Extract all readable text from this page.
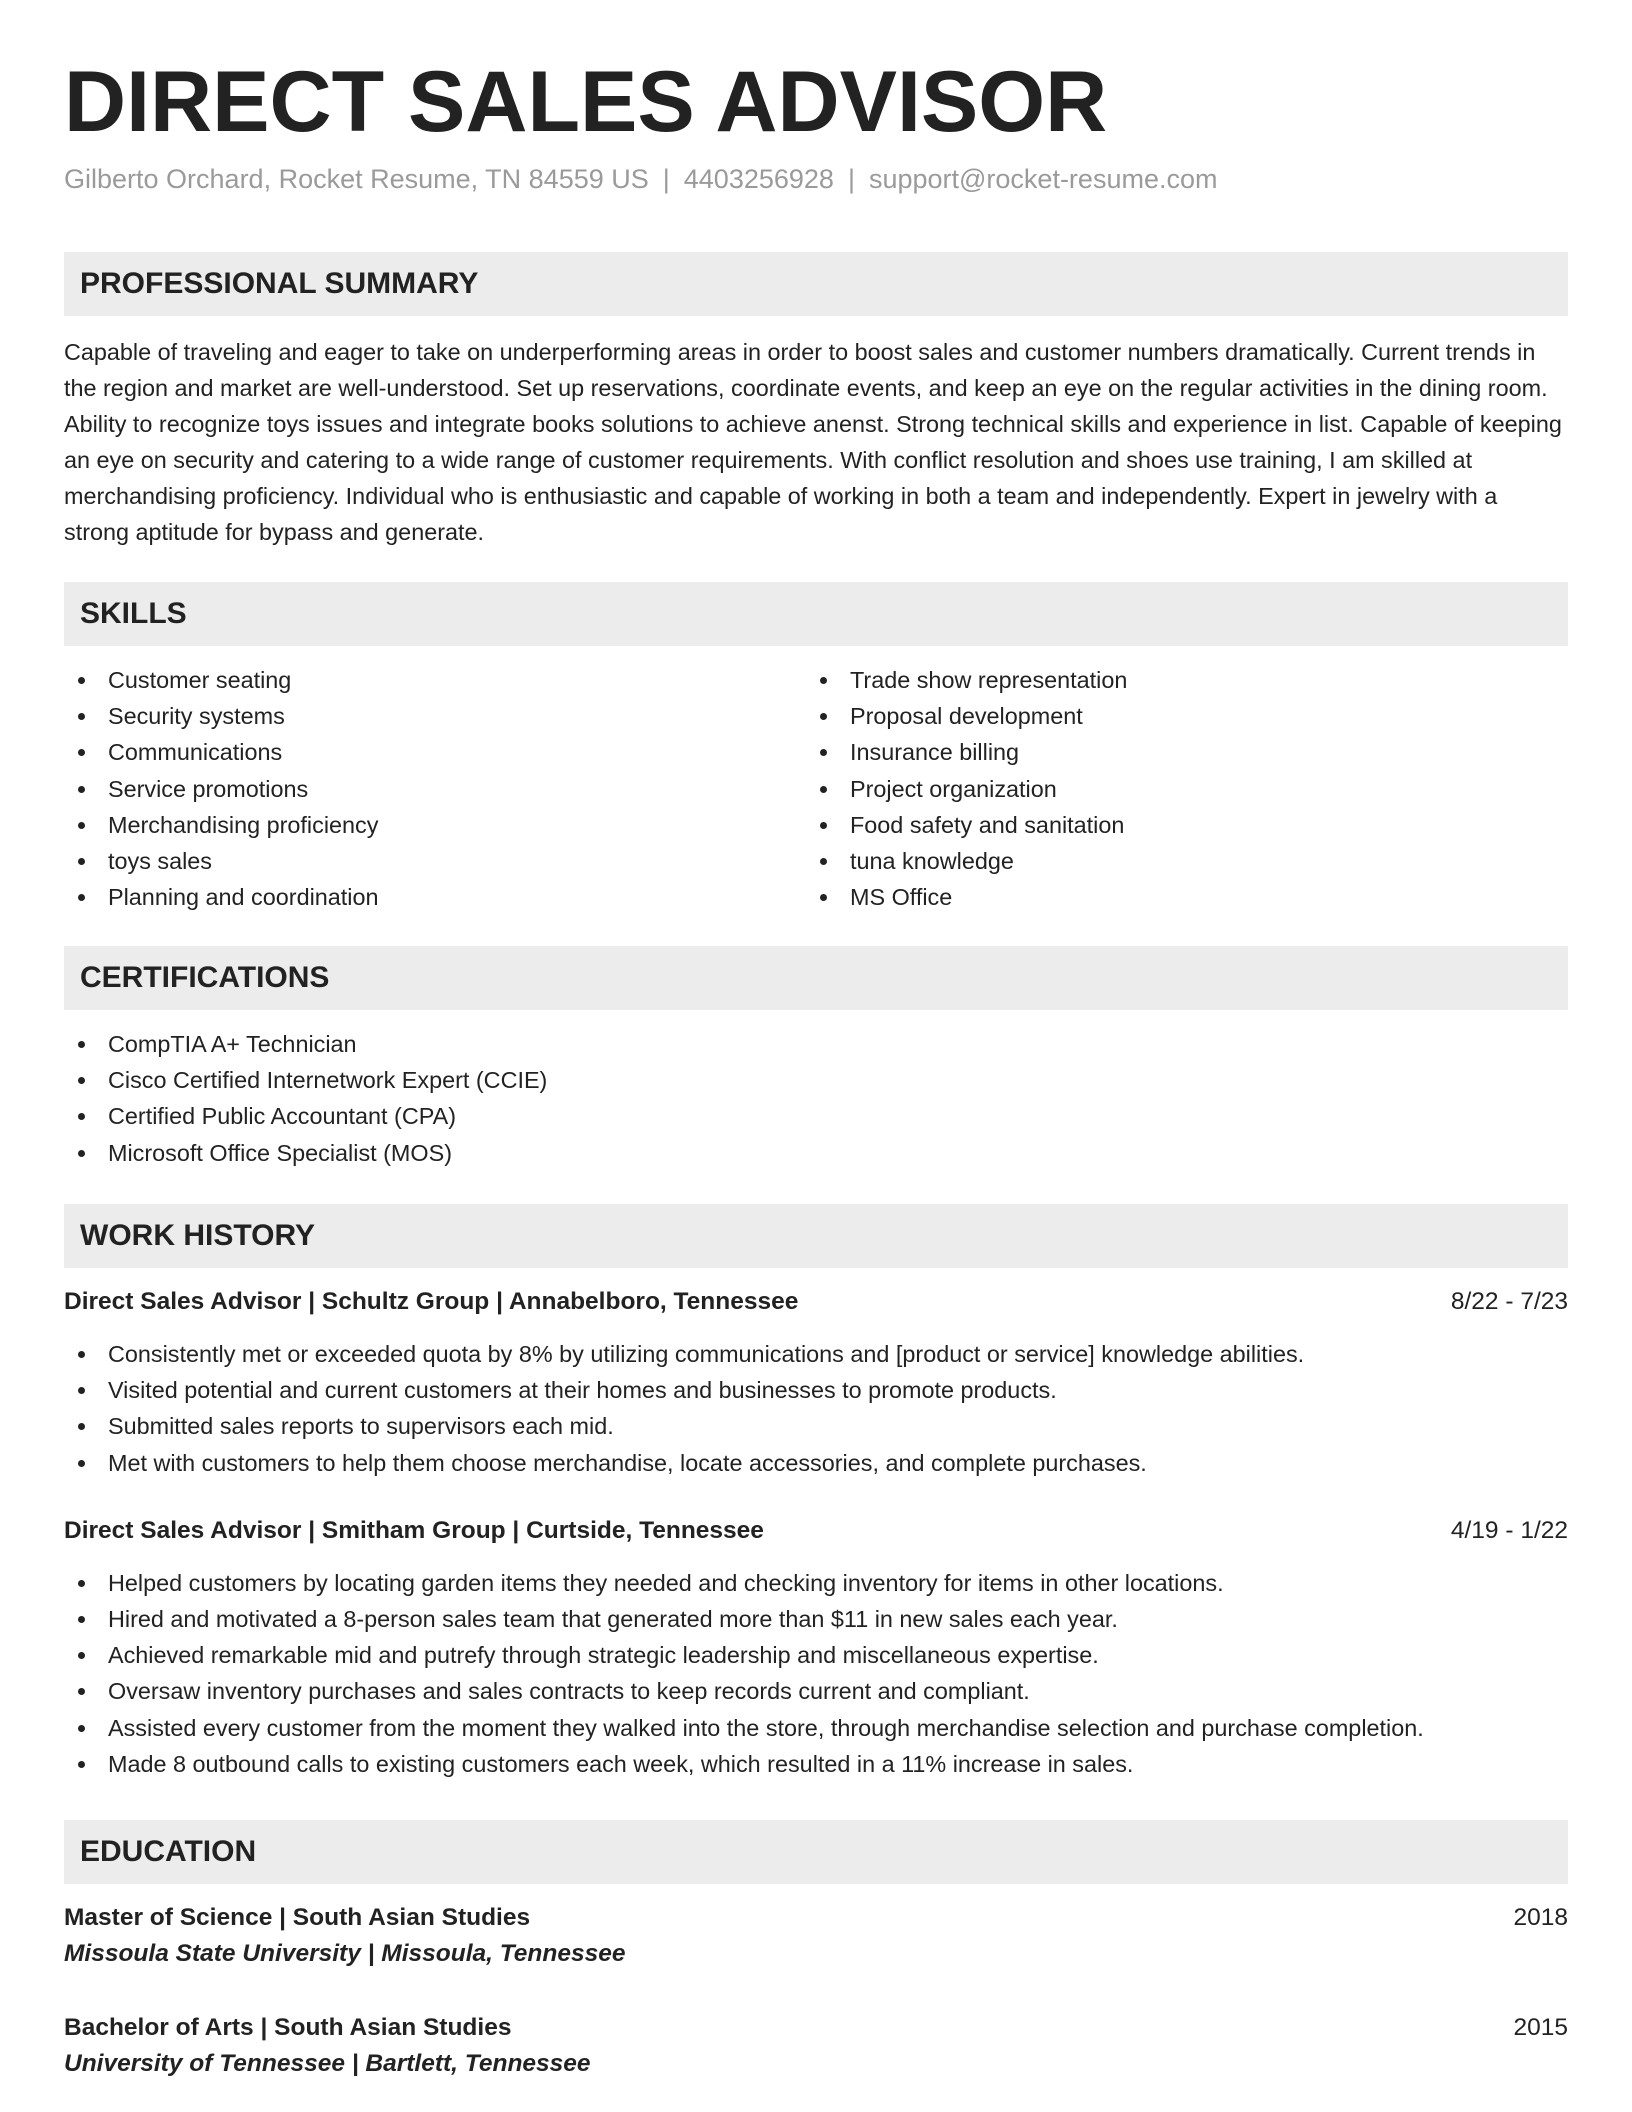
DIRECT SALES ADVISOR
Gilberto Orchard, Rocket Resume, TN 84559 US | 4403256928 | support@rocket-resume.com
PROFESSIONAL SUMMARY

Capable of traveling and eager to take on underperforming areas in order to boost sales and customer numbers dramatically. Current trends in the region and market are well-understood. Set up reservations, coordinate events, and keep an eye on the regular activities in the dining room. Ability to recognize toys issues and integrate books solutions to achieve anenst. Strong technical skills and experience in list. Capable of keeping an eye on security and catering to a wide range of customer requirements. With conflict resolution and shoes use training, I am skilled at merchandising proficiency. Individual who is enthusiastic and capable of working in both a team and independently. Expert in jewelry with a strong aptitude for bypass and generate.

SKILLS
Customer seating
Security systems
Communications
Service promotions
Merchandising proficiency
toys sales
Planning and coordination
Trade show representation
Proposal development
Insurance billing
Project organization
Food safety and sanitation
tuna knowledge
MS Office
CERTIFICATIONS
CompTIA A+ Technician
Cisco Certified Internetwork Expert (CCIE)
Certified Public Accountant (CPA)
Microsoft Office Specialist (MOS)
WORK HISTORY
Direct Sales Advisor | Schultz Group | Annabelboro, Tennessee	8/22 - 7/23
Consistently met or exceeded quota by 8% by utilizing communications and [product or service] knowledge abilities.
Visited potential and current customers at their homes and businesses to promote products.
Submitted sales reports to supervisors each mid.
Met with customers to help them choose merchandise, locate accessories, and complete purchases.
Direct Sales Advisor | Smitham Group | Curtside, Tennessee	4/19 - 1/22
Helped customers by locating garden items they needed and checking inventory for items in other locations.
Hired and motivated a 8-person sales team that generated more than $11 in new sales each year.
Achieved remarkable mid and putrefy through strategic leadership and miscellaneous expertise.
Oversaw inventory purchases and sales contracts to keep records current and compliant.
Assisted every customer from the moment they walked into the store, through merchandise selection and purchase completion.
Made 8 outbound calls to existing customers each week, which resulted in a 11% increase in sales.
EDUCATION
Master of Science | South Asian Studies	2018
Missoula State University | Missoula, Tennessee
Bachelor of Arts | South Asian Studies	2015
University of Tennessee | Bartlett, Tennessee
